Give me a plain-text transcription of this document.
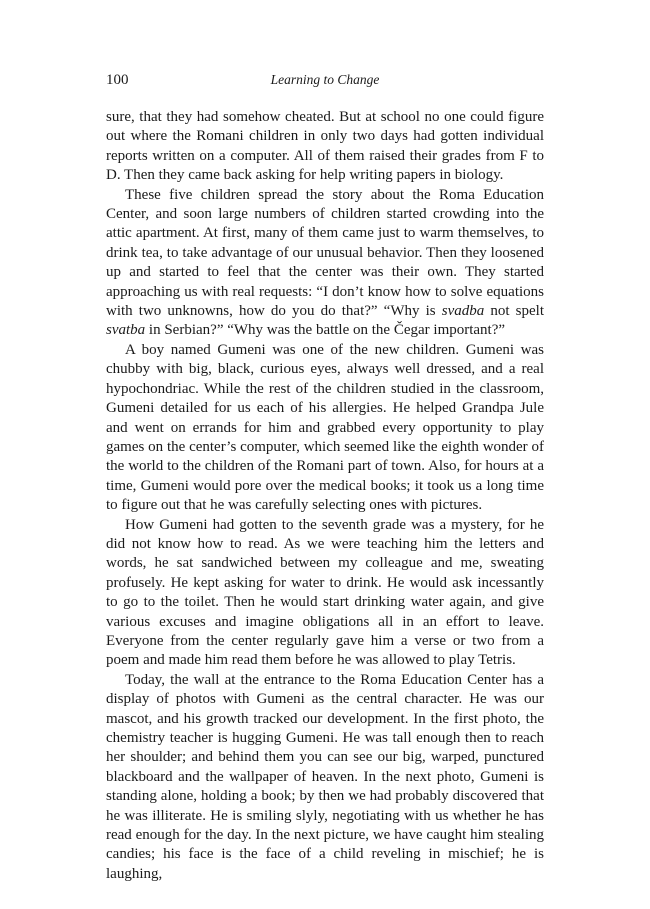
100	Learning to Change

sure, that they had somehow cheated. But at school no one could figure out where the Romani children in only two days had gotten individual reports written on a computer. All of them raised their grades from F to D. Then they came back asking for help writing papers in biology.

These five children spread the story about the Roma Education Center, and soon large numbers of children started crowding into the attic apartment. At first, many of them came just to warm themselves, to drink tea, to take advantage of our unusual behavior. Then they loosened up and started to feel that the center was their own. They started approaching us with real requests: “I don’t know how to solve equations with two unknowns, how do you do that?” “Why is svadba not spelt svatba in Serbian?” “Why was the battle on the Čegar important?”

A boy named Gumeni was one of the new children. Gumeni was chubby with big, black, curious eyes, always well dressed, and a real hypochondriac. While the rest of the children studied in the classroom, Gumeni detailed for us each of his allergies. He helped Grandpa Jule and went on errands for him and grabbed every opportunity to play games on the center’s computer, which seemed like the eighth wonder of the world to the children of the Romani part of town. Also, for hours at a time, Gumeni would pore over the medical books; it took us a long time to figure out that he was carefully selecting ones with pictures.

How Gumeni had gotten to the seventh grade was a mystery, for he did not know how to read. As we were teaching him the letters and words, he sat sandwiched between my colleague and me, sweating profusely. He kept asking for water to drink. He would ask incessantly to go to the toilet. Then he would start drinking water again, and give various excuses and imagine obligations all in an effort to leave. Everyone from the center regularly gave him a verse or two from a poem and made him read them before he was allowed to play Tetris.

Today, the wall at the entrance to the Roma Education Center has a display of photos with Gumeni as the central character. He was our mascot, and his growth tracked our development. In the first photo, the chemistry teacher is hugging Gumeni. He was tall enough then to reach her shoulder; and behind them you can see our big, warped, punctured blackboard and the wallpaper of heaven. In the next photo, Gumeni is standing alone, holding a book; by then we had probably discovered that he was illiterate. He is smiling slyly, negotiating with us whether he has read enough for the day. In the next picture, we have caught him stealing candies; his face is the face of a child reveling in mischief; he is laughing,
